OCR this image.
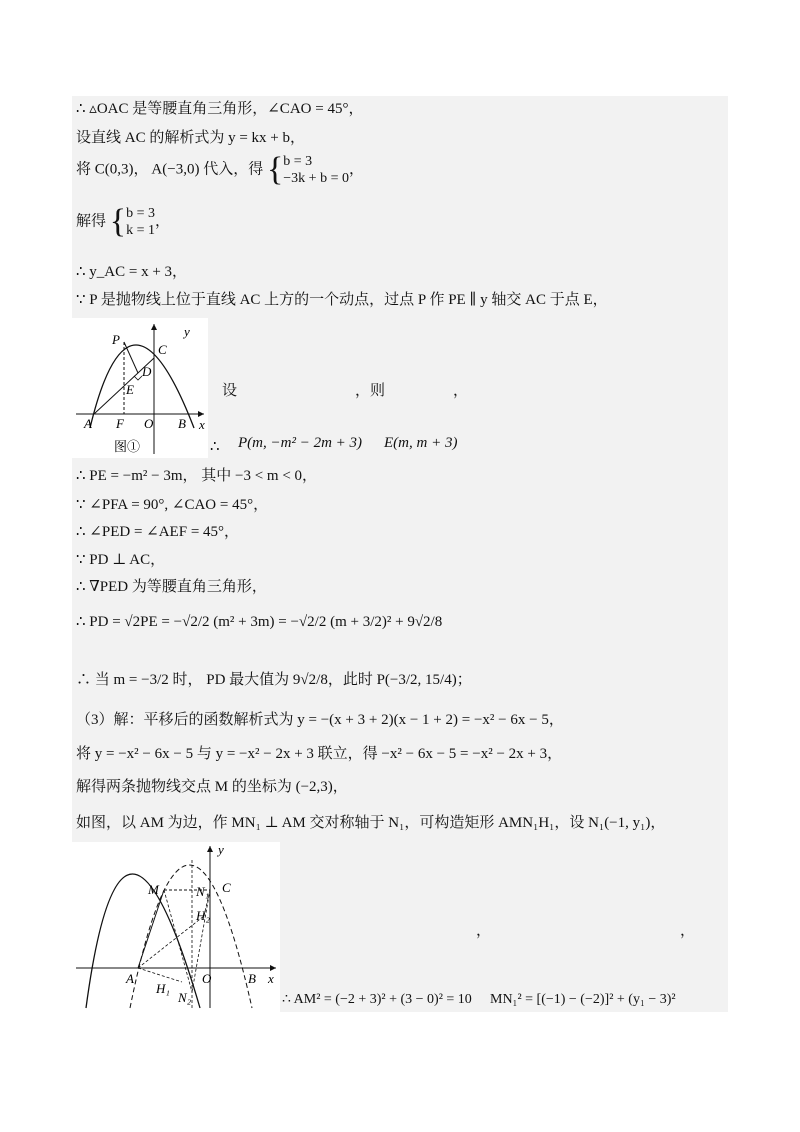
∴ ▵OAC 是等腰直角三角形，∠CAO = 45°，
设直线 AC 的解析式为 y = kx + b，
将 C(0,3)， A(−3,0) 代入，得 { b = 3
−3k + b = 0
，
解得 { b = 3
k = 1
，
∴ y_AC = x + 3，
∵ P 是抛物线上位于直线 AC 上方的一个动点，过点 P 作 PE ∥ y 轴交 AC 于点 E，
y
x
P
C
D
E
A F O B
图①
设	，则	，
∴ P(m, −m² − 2m + 3) E(m, m + 3)
∴ PE = −m² − 3m， 其中 −3 < m < 0，
∵ ∠PFA = 90°, ∠CAO = 45°，
∴ ∠PED = ∠AEF = 45°，
∵ PD ⊥ AC，
∴ ∇PED 为等腰直角三角形，
∴ PD = √2PE = −√2/2 (m² + 3m) = −√2/2 (m + 3/2)² + 9√2/8
∴ 当 m = −3/2 时， PD 最大值为 9√2/8，此时 P(−3/2, 15/4)；
（3）解：平移后的函数解析式为 y = −(x + 3 + 2)(x − 1 + 2) = −x² − 6x − 5，
将 y = −x² − 6x − 5 与 y = −x² − 2x + 3 联立，得 −x² − 6x − 5 = −x² − 2x + 3，
解得两条抛物线交点 M 的坐标为 (−2,3)，
如图，以 AM 为边，作 MN₁ ⊥ AM 交对称轴于 N₁，可构造矩形 AMN₁H₁，设 N₁(−1, y₁)，
y
x
M	N₁ C
H₂
A	O	B
H₁
N₂
，	，
∴ AM² = (−2 + 3)² + (3 − 0)² = 10 MN₁² = [(−1) − (−2)]² + (y₁ − 3)²
